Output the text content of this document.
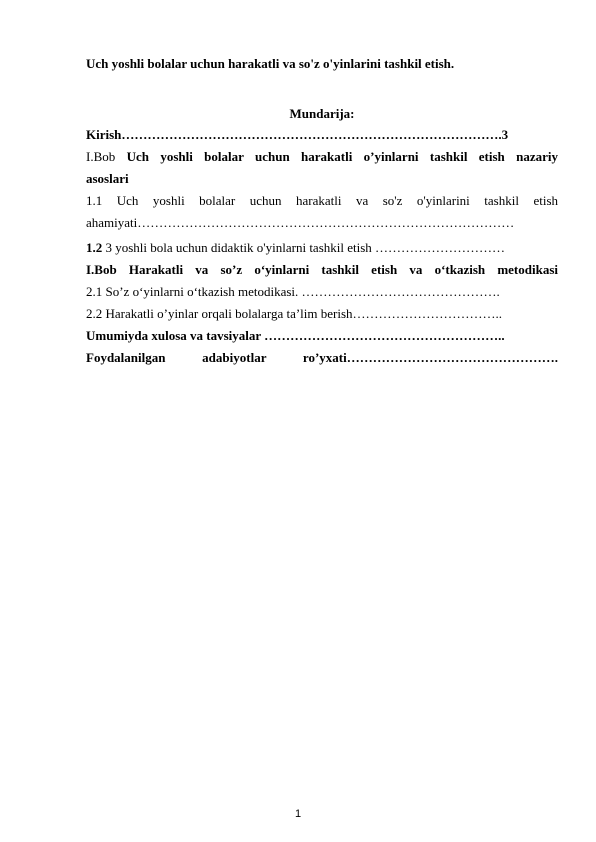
Uch yoshli bolalar uchun harakatli va so'z o'yinlarini tashkil etish.
Mundarija:
Kirish…………………………………………………………………………….3
I.Bob Uch yoshli bolalar uchun harakatli o’yinlarni tashkil etish nazariy
asoslari
1.1 Uch yoshli bolalar uchun harakatli va so'z o'yinlarini tashkil etish
ahamiyati……………………………………………………………………………
1.2 3 yoshli bola uchun didaktik o'yinlarni tashkil etish …………………………
I.Bob Harakatli va so’z o‘yinlarni tashkil etish va o‘tkazish metodikasi
2.1 So’z o‘yinlarni o‘tkazish metodikasi. ……………………………………….
2.2 Harakatli o’yinlar orqali bolalarga ta’lim berish……………………………..
Umumiyda xulosa va tavsiyalar ………………………………………………..
Foydalanilgan adabiyotlar ro’yxati………………………………………….
1
